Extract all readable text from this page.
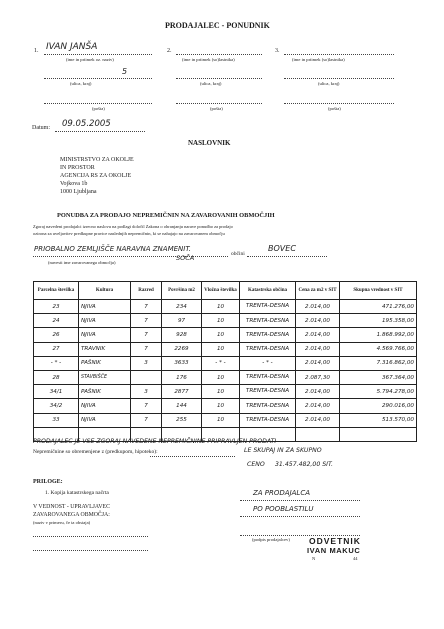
PRODAJALEC - PONUDNIK
1. IVAN JANŠA
(ime in priimek oz. naziv)
5
(ulica, kraj)
(pošta)
2.
(ime in priimek (so)lastnika)
(ulica, kraj)
(pošta)
3.
(ime in priimek (so)lastnika)
(ulica, kraj)
(pošta)
Datum: 09.05.2005
NASLOVNIK
MINISTRSTVO ZA OKOLJE
IN PROSTOR
AGENCIJA RS ZA OKOLJE
Vojkova 1b
1000 Ljubljana
PONUDBA ZA PRODAJO NEPREMIČNIN NA ZAVAROVANIH OBMOČJIH
Zgoraj navedeni prodajalci izrecno naslovu na podlagi določil Zakona o ohranjanju narave ponudbo za prodajo
ozirona za uveljavitev predkupne pravice naslednjih nepremičnin, ki se nahajajo na zavarovanem območju
PRIOBALNO ZEMLJIŠČE NARAVNA ZNAMENIT.
SOČA	občini
BOVEC
(navesti ime zavarovanega območja)
Parcelna številka	Kultura	Razred	Površina m2	Vložna številka	Katastrska občina	Cena za m2 v SIT	Skupna vrednost v SIT
23	NJIVA	7	234	10	TRENTA-DESNA	2.014,00	471.276,00
24	NJIVA	7	97	10	TRENTA-DESNA	2.014,00	195.358,00
26	NJIVA	7	928	10	TRENTA-DESNA	2.014,00	1.868.992,00
27	TRAVNIK	7	2269	10	TRENTA-DESNA	2.014,00	4.569.766,00
- * -	PAŠNIK	3	3633	- * -	- * -	2.014,00	7.316.862,00
28	STAVBIŠČE		176	10	TRENTA-DESNA	2.087,30	367.364,00
34/1	PAŠNIK	3	2877	10	TRENTA-DESNA	2.014,00	5.794.278,00
34/2	NJIVA	7	144	10	TRENTA-DESNA	2.014,00	290.016,00
33	NJIVA	7	255	10	TRENTA-DESNA	2.014,00	513.570,00

PRODAJALEC JE VSE ZGORAJ NAVEDENE NEPREMIČNINE PRIPRAVLJEN PRODATI
Nepremičnine so obremenjene z (predkupom, hipoteko):	LE SKUPAJ IN ZA SKUPNO
CENO 31.457.482,00 SIT.
PRILOGE:
1. Kopija katastrskega načrta
V VEDNOST - UPRAVLJAVEC
ZAVAROVANEGA OBMOČJA:
(naziv v primeru, če ta obstaja)
ZA PRODAJALCA
PO POOBLASTILU
(podpis prodajalcev) ODVETNIK
IVAN MAKUC
N	44
